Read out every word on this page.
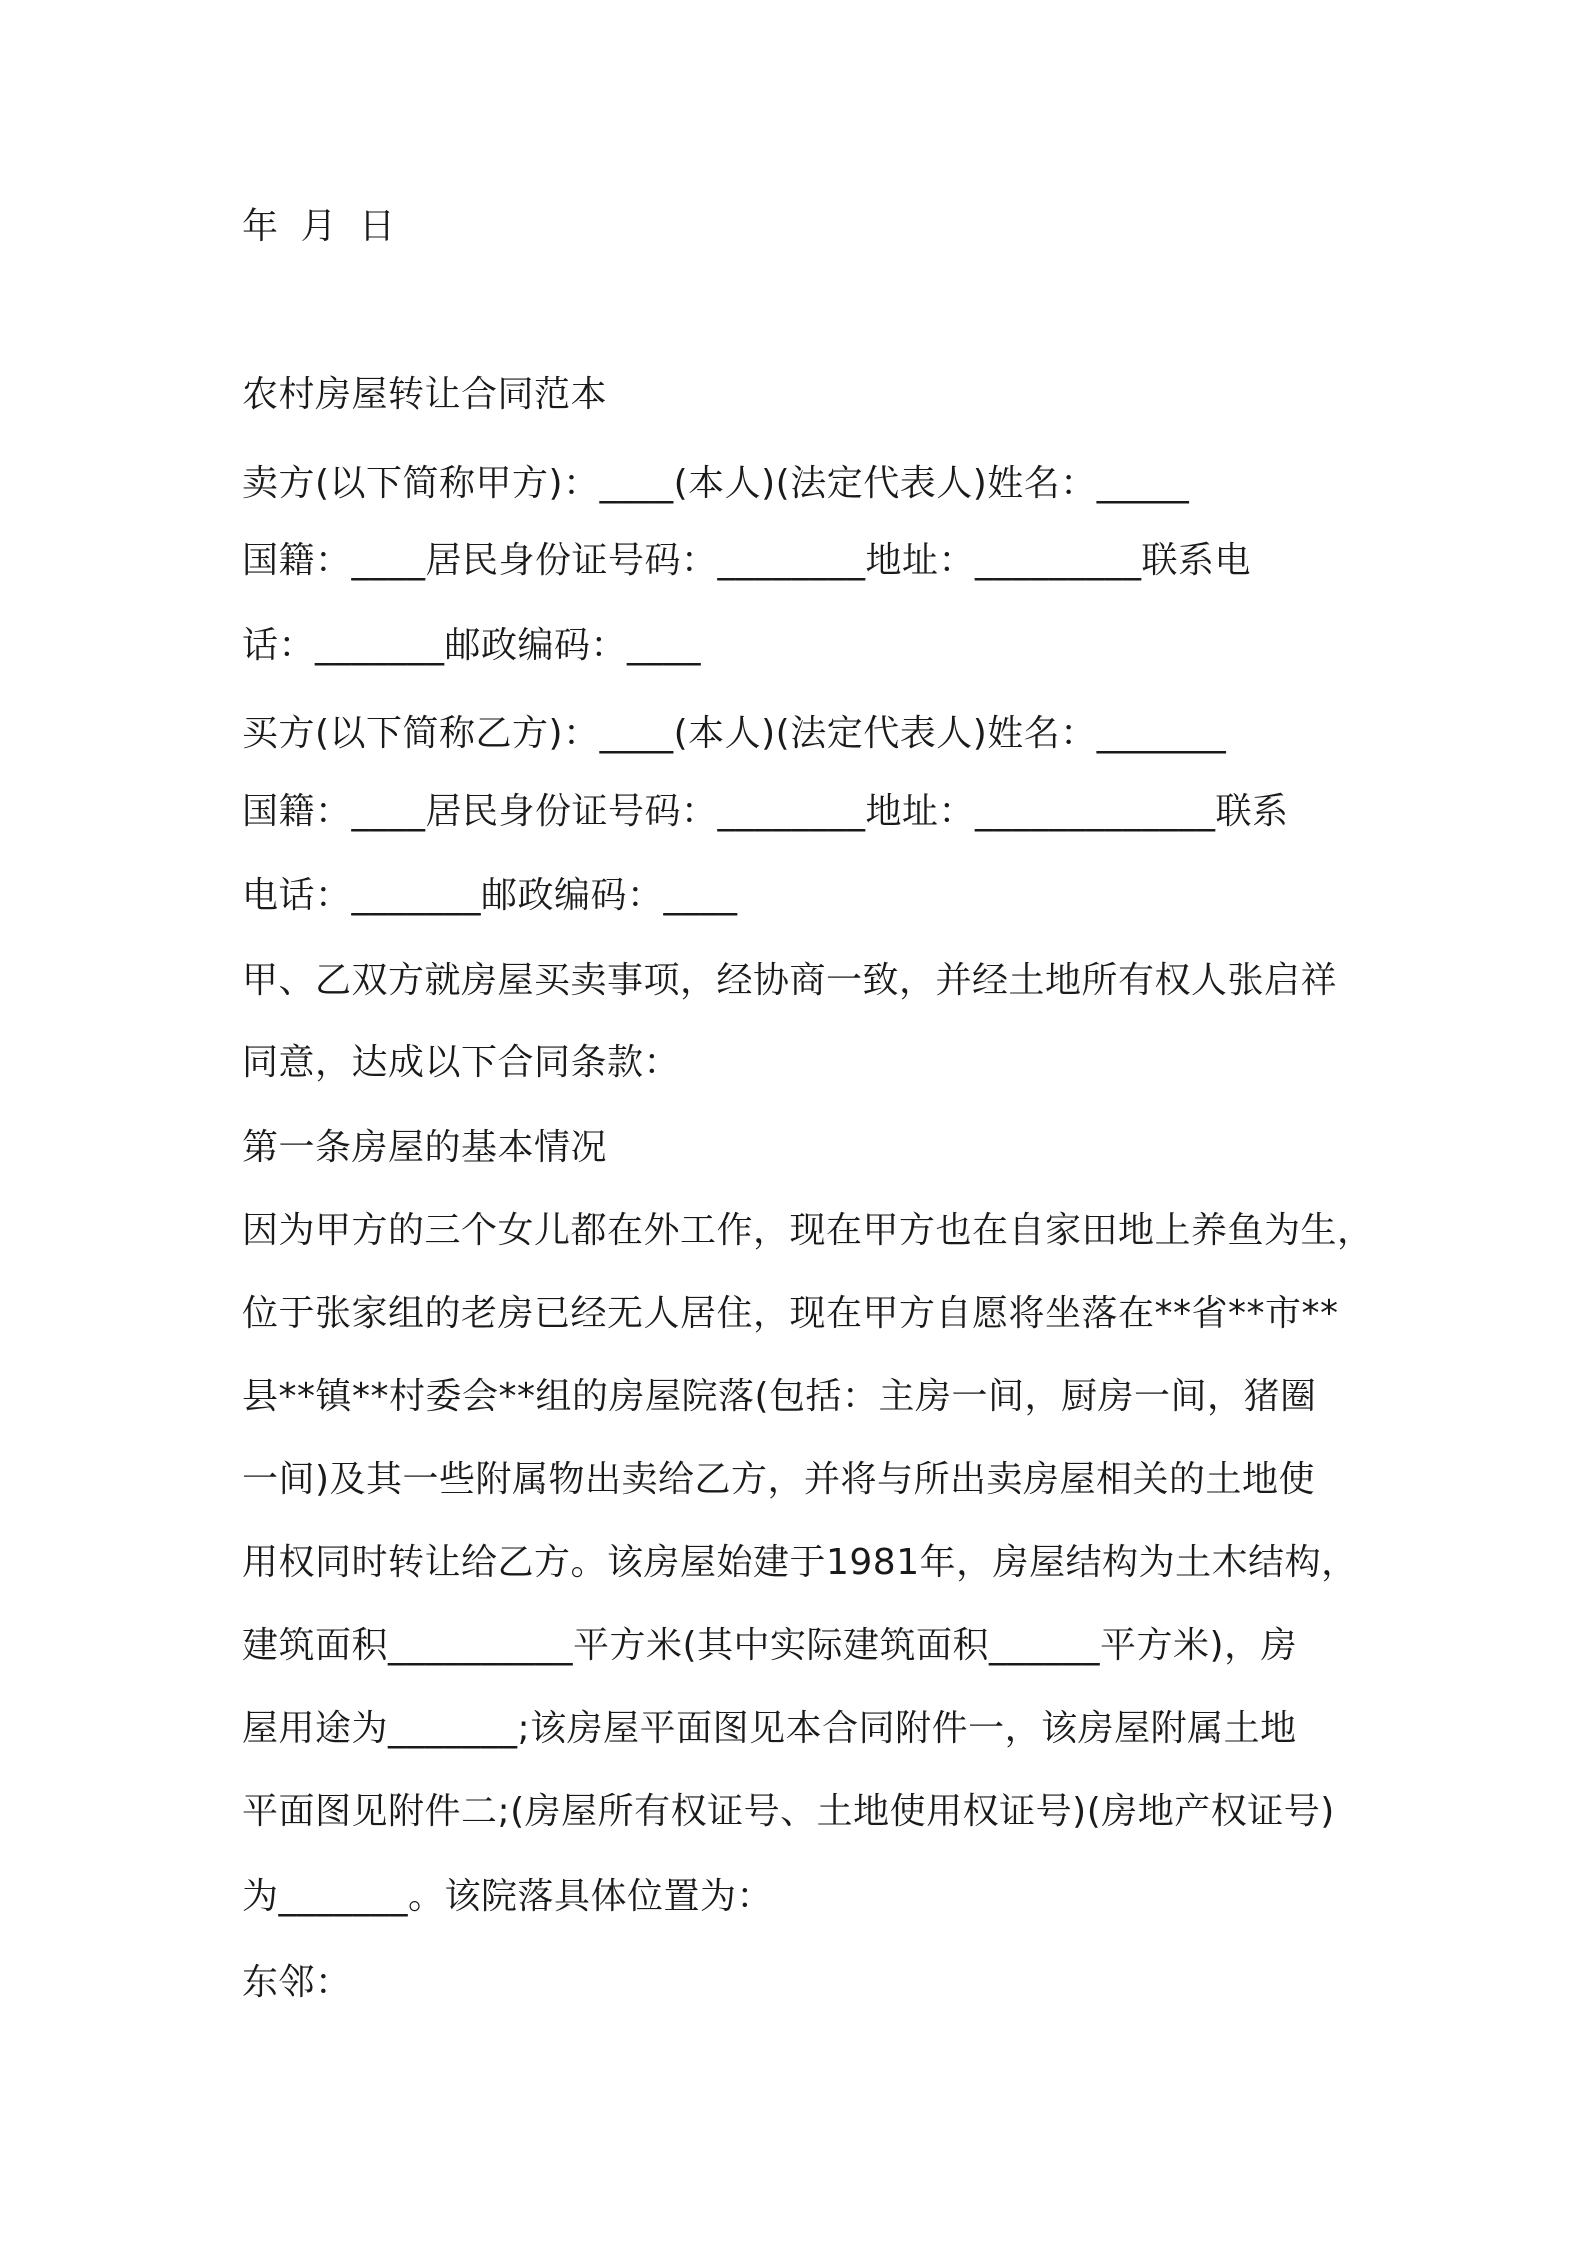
年 月 日
农村房屋转让合同范本
卖方(以下简称甲方)：____(本人)(法定代表人)姓名：_____
国籍：____居民身份证号码：________地址：_________联系电
话：_______邮政编码：____
买方(以下简称乙方)：____(本人)(法定代表人)姓名：_______
国籍：____居民身份证号码：________地址：_____________联系
电话：_______邮政编码：____
甲、乙双方就房屋买卖事项，经协商一致，并经土地所有权人张启祥
同意，达成以下合同条款：
第一条房屋的基本情况
因为甲方的三个女儿都在外工作，现在甲方也在自家田地上养鱼为生，
位于张家组的老房已经无人居住，现在甲方自愿将坐落在**省**市**
县**镇**村委会**组的房屋院落(包括：主房一间，厨房一间，猪圈
一间)及其一些附属物出卖给乙方，并将与所出卖房屋相关的土地使
用权同时转让给乙方。该房屋始建于1981年，房屋结构为土木结构，
建筑面积__________平方米(其中实际建筑面积______平方米)，房
屋用途为_______;该房屋平面图见本合同附件一，该房屋附属土地
平面图见附件二;(房屋所有权证号、土地使用权证号)(房地产权证号)
为_______。该院落具体位置为：
东邻：
